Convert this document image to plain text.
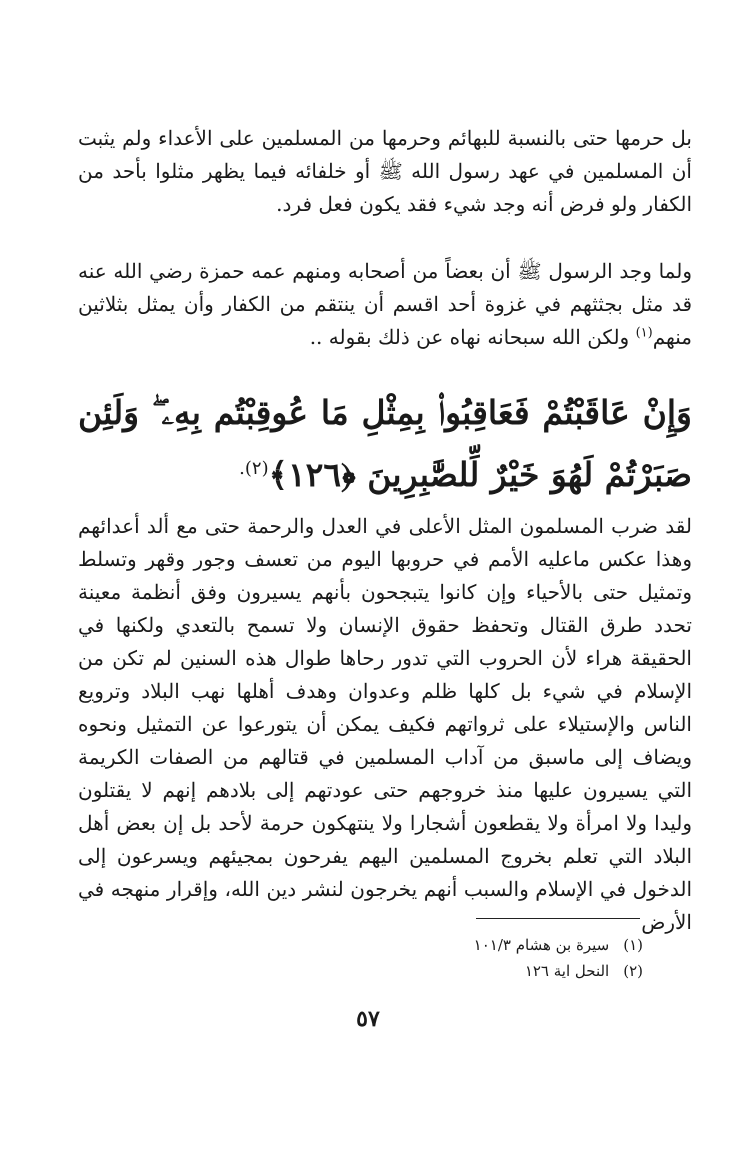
بل حرمها حتى بالنسبة للبهائم وحرمها من المسلمين على الأعداء ولم يثبت أن المسلمين في عهد رسول الله ﷺ أو خلفائه فيما يظهر مثلوا بأحد من الكفار ولو فرض أنه وجد شيء فقد يكون فعل فرد.
ولما وجد الرسول ﷺ أن بعضاً من أصحابه ومنهم عمه حمزة رضي الله عنه قد مثل بجثثهم في غزوة أحد اقسم أن ينتقم من الكفار وأن يمثل بثلاثين منهم$^{(١)}$ ولكن الله سبحانه نهاه عن ذلك بقوله ..
وَإِنْ عَاقَبْتُمْ فَعَاقِبُوا۟ بِمِثْلِ مَا عُوقِبْتُم بِهِۦ ۖ وَلَئِن صَبَرْتُمْ لَهُوَ خَيْرٌ لِّلصَّٰبِرِينَ ﴿١٢٦﴾$^{(٢).}$
لقد ضرب المسلمون المثل الأعلى في العدل والرحمة حتى مع ألد أعدائهم وهذا عكس ماعليه الأمم في حروبها اليوم من تعسف وجور وقهر وتسلط وتمثيل حتى بالأحياء وإن كانوا يتبجحون بأنهم يسيرون وفق أنظمة معينة تحدد طرق القتال وتحفظ حقوق الإنسان ولا تسمح بالتعدي ولكنها في الحقيقة هراء لأن الحروب التي تدور رحاها طوال هذه السنين لم تكن من الإسلام في شيء بل كلها ظلم وعدوان وهدف أهلها نهب البلاد وترويع الناس والإستيلاء على ثرواتهم فكيف يمكن أن يتورعوا عن التمثيل ونحوه ويضاف إلى ماسبق من آداب المسلمين في قتالهم من الصفات الكريمة التي يسيرون عليها منذ خروجهم حتى عودتهم إلى بلادهم إنهم لا يقتلون وليدا ولا امرأة ولا يقطعون أشجارا ولا ينتهكون حرمة لأحد بل إن بعض أهل البلاد التي تعلم بخروج المسلمين اليهم يفرحون بمجيئهم ويسرعون إلى الدخول في الإسلام والسبب أنهم يخرجون لنشر دين الله، وإقرار منهجه في الأرض
(١)سيرة بن هشام ١٠١/٣
(٢)النحل اية ١٢٦
٥٧
